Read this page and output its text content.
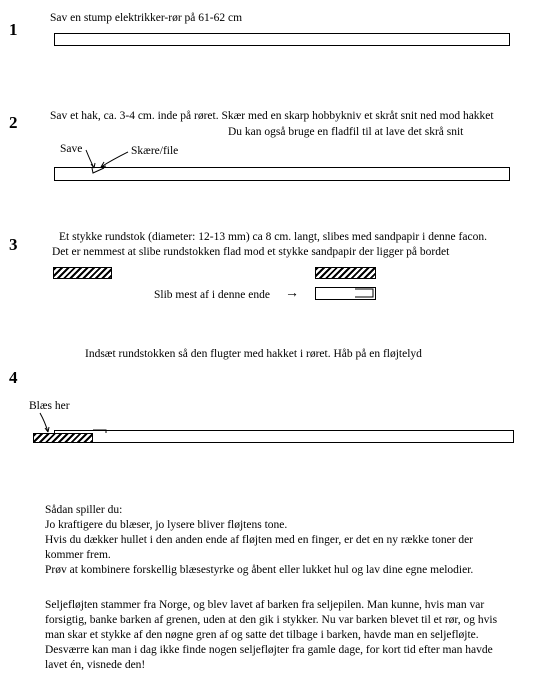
1
Sav en stump elektrikker-rør på 61-62 cm
2	Sav et hak, ca. 3-4 cm. inde på røret. Skær med en skarp hobbykniv et skråt snit ned mod hakket
Du kan også bruge en fladfil til at lave det skrå snit
Save	Skære/file
3	Et stykke rundstok (diameter: 12-13 mm) ca 8 cm. langt, slibes med sandpapir i denne facon.
Det er nemmest at slibe rundstokken flad mod et stykke sandpapir der ligger på bordet
Slib mest af i denne ende →
Indsæt rundstokken så den flugter med hakket i røret. Håb på en fløjtelyd
4
Blæs her
Sådan spiller du:
Jo kraftigere du blæser, jo lysere bliver fløjtens tone.
Hvis du dækker hullet i den anden ende af fløjten med en finger, er det en ny række toner der
kommer frem.
Prøv at kombinere forskellig blæsestyrke og åbent eller lukket hul og lav dine egne melodier.
Seljefløjten stammer fra Norge, og blev lavet af barken fra seljepilen. Man kunne, hvis man var
forsigtig, banke barken af grenen, uden at den gik i stykker. Nu var barken blevet til et rør, og hvis
man skar et stykke af den nøgne gren af og satte det tilbage i barken, havde man en seljefløjte.
Desværre kan man i dag ikke finde nogen seljefløjter fra gamle dage, for kort tid efter man havde
lavet én, visnede den!
